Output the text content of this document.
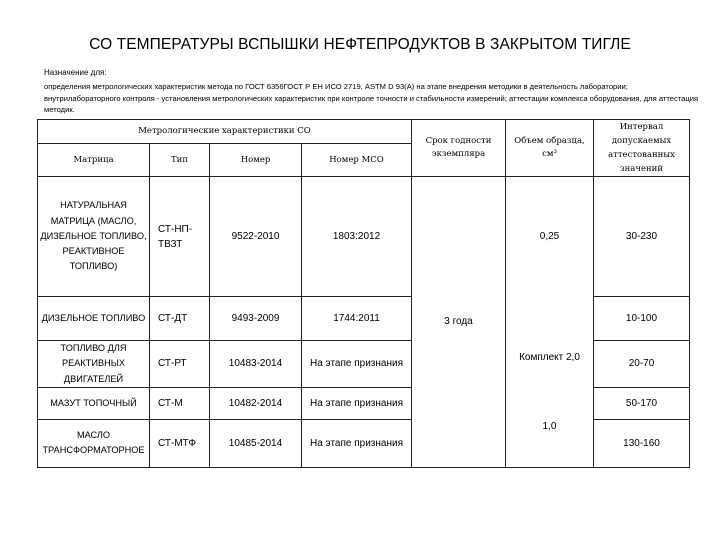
СО ТЕМПЕРАТУРЫ ВСПЫШКИ НЕФТЕПРОДУКТОВ В ЗАКРЫТОМ ТИГЛЕ
Назначение для:
определения метрологических характеристик метода по ГОСТ 6356ГОСТ Р ЕН ИСО 2719, ASTM D 93(А) на этапе внедрения методики в деятельность лаборатории; внутрилабораторного контроля - установления метрологических характеристик при контроле точности и стабильности измерений; аттестации комплекса оборудования, для аттестация методик.
Метрологические характеристики СО				Срок годности экземпляра	Объем образца, см³	Интервал допускаемых аттестованных значений
Матрица	Тип	Номер	Номер МСО			
НАТУРАЛЬНАЯ МАТРИЦА (МАСЛО, ДИЗЕЛЬНОЕ ТОПЛИВО, РЕАКТИВНОЕ ТОПЛИВО)	СТ-НП-ТВЗТ	9522-2010	1803:2012	3 года	0,25	30-230
ДИЗЕЛЬНОЕ ТОПЛИВО	СТ-ДТ	9493-2009	1744:2011		Комплект 2,0	10-100
ТОПЛИВО ДЛЯ РЕАКТИВНЫХ ДВИГАТЕЛЕЙ	СТ-РТ	10483-2014	На этапе признания			20-70
МАЗУТ ТОПОЧНЫЙ	СТ-М	10482-2014	На этапе признания			50-170
МАСЛО ТРАНСФОРМАТОРНОЕ	СТ-МТФ	10485-2014	На этапе признания		1,0	130-160
